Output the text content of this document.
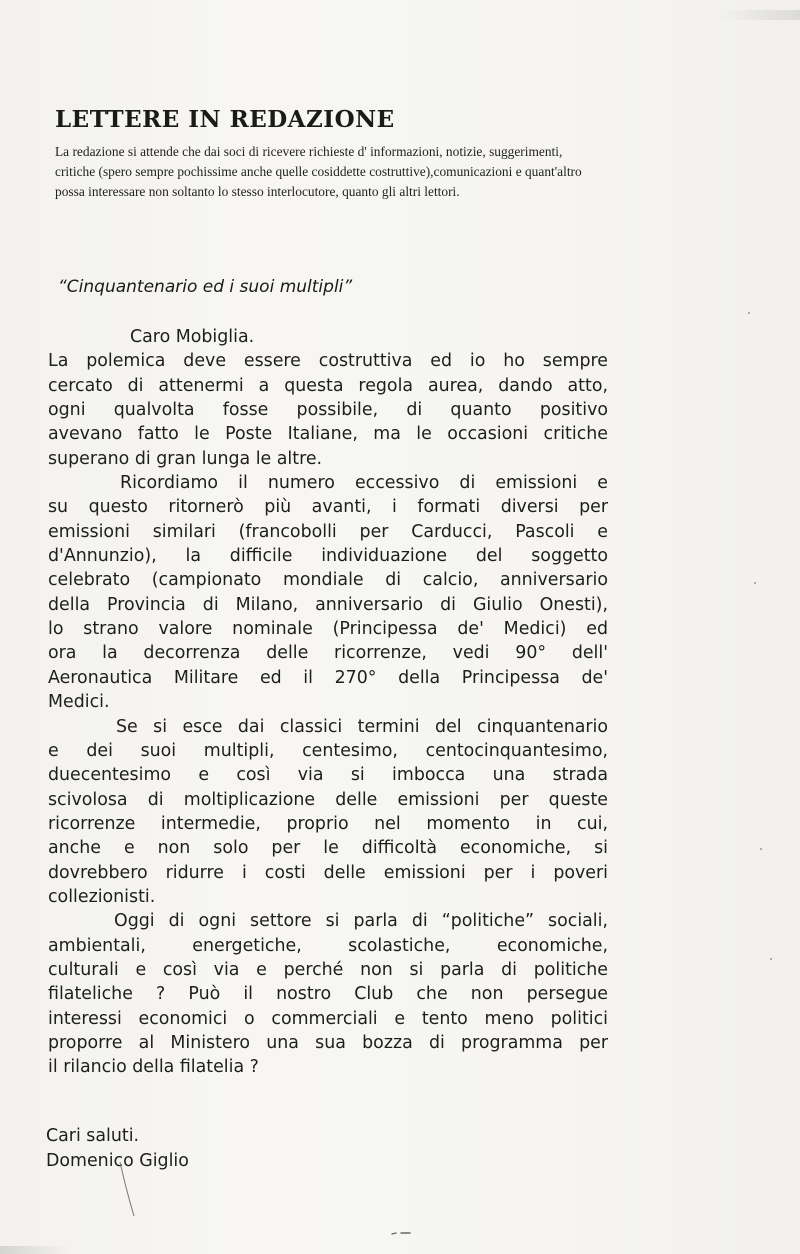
LETTERE IN REDAZIONE
La redazione si attende che dai soci di ricevere richieste d' informazioni, notizie, suggerimenti,
critiche (spero sempre pochissime anche quelle cosiddette costruttive),comunicazioni e quant'altro
possa interessare non soltanto lo stesso interlocutore, quanto gli altri lettori.
“Cinquantenario ed i suoi multipli”
Caro Mobiglia.
La polemica deve essere costruttiva ed io ho sempre
cercato di attenermi a questa regola aurea, dando atto,
ogni qualvolta fosse possibile, di quanto positivo
avevano fatto le Poste Italiane, ma le occasioni critiche
superano di gran lunga le altre.
Ricordiamo il numero eccessivo di emissioni e
su questo ritornerò più avanti, i formati diversi per
emissioni similari (francobolli per Carducci, Pascoli e
d'Annunzio), la difficile individuazione del soggetto
celebrato (campionato mondiale di calcio, anniversario
della Provincia di Milano, anniversario di Giulio Onesti),
lo strano valore nominale (Principessa de' Medici) ed
ora la decorrenza delle ricorrenze, vedi 90° dell'
Aeronautica Militare ed il 270° della Principessa de'
Medici.
Se si esce dai classici termini del cinquantenario
e dei suoi multipli, centesimo, centocinquantesimo,
duecentesimo e così via si imbocca una strada
scivolosa di moltiplicazione delle emissioni per queste
ricorrenze intermedie, proprio nel momento in cui,
anche e non solo per le difficoltà economiche, si
dovrebbero ridurre i costi delle emissioni per i poveri
collezionisti.
Oggi di ogni settore si parla di “politiche” sociali,
ambientali, energetiche, scolastiche, economiche,
culturali e così via e perché non si parla di politiche
filateliche ? Può il nostro Club che non persegue
interessi economici o commerciali e tento meno politici
proporre al Ministero una sua bozza di programma per
il rilancio della filatelia ?
Cari saluti.
Domenico Giglio
